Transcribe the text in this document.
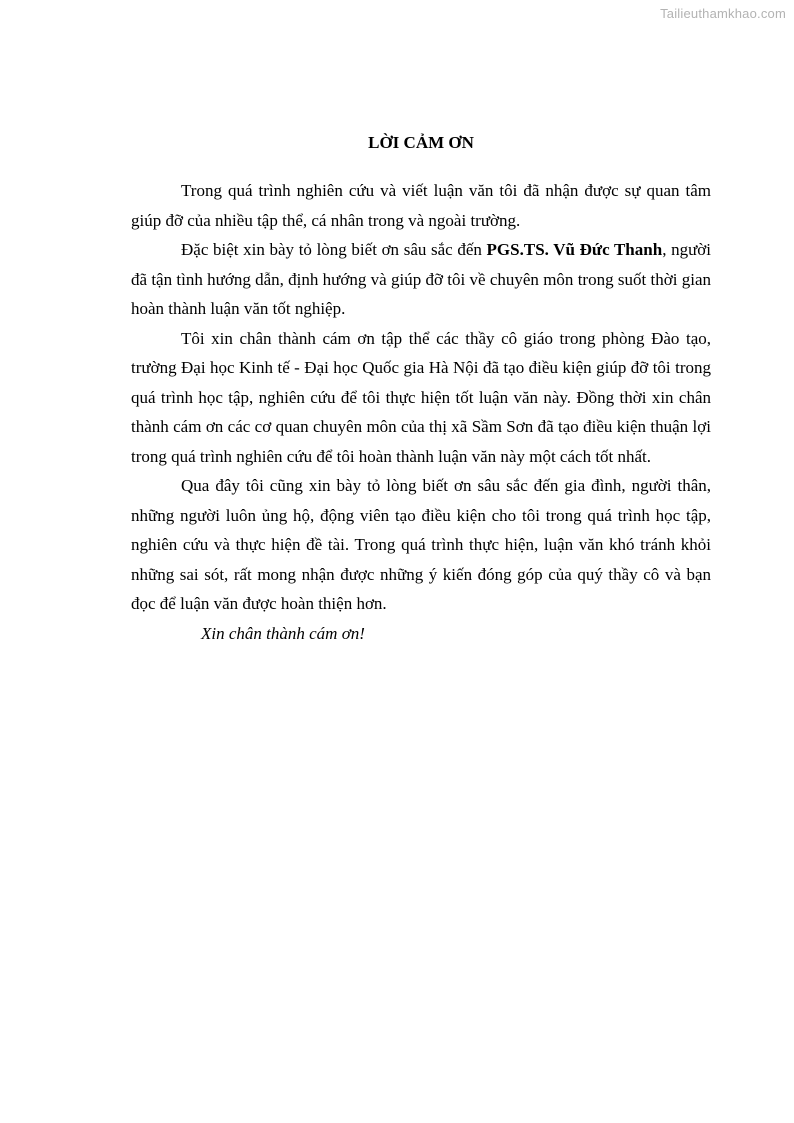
Tailieuthamkhao.com
LỜI CẢM ƠN

Trong quá trình nghiên cứu và viết luận văn tôi đã nhận được sự quan tâm giúp đỡ của nhiều tập thể, cá nhân trong và ngoài trường.

Đặc biệt xin bày tỏ lòng biết ơn sâu sắc đến PGS.TS. Vũ Đức Thanh, người đã tận tình hướng dẫn, định hướng và giúp đỡ tôi về chuyên môn trong suốt thời gian hoàn thành luận văn tốt nghiệp.

Tôi xin chân thành cám ơn tập thể các thầy cô giáo trong phòng Đào tạo, trường Đại học Kinh tế - Đại học Quốc gia Hà Nội đã tạo điều kiện giúp đỡ tôi trong quá trình học tập, nghiên cứu để tôi thực hiện tốt luận văn này. Đồng thời xin chân thành cám ơn các cơ quan chuyên môn của thị xã Sầm Sơn đã tạo điều kiện thuận lợi trong quá trình nghiên cứu để tôi hoàn thành luận văn này một cách tốt nhất.

Qua đây tôi cũng xin bày tỏ lòng biết ơn sâu sắc đến gia đình, người thân, những người luôn ủng hộ, động viên tạo điều kiện cho tôi trong quá trình học tập, nghiên cứu và thực hiện đề tài. Trong quá trình thực hiện, luận văn khó tránh khỏi những sai sót, rất mong nhận được những ý kiến đóng góp của quý thầy cô và bạn đọc để luận văn được hoàn thiện hơn.

Xin chân thành cám ơn!
